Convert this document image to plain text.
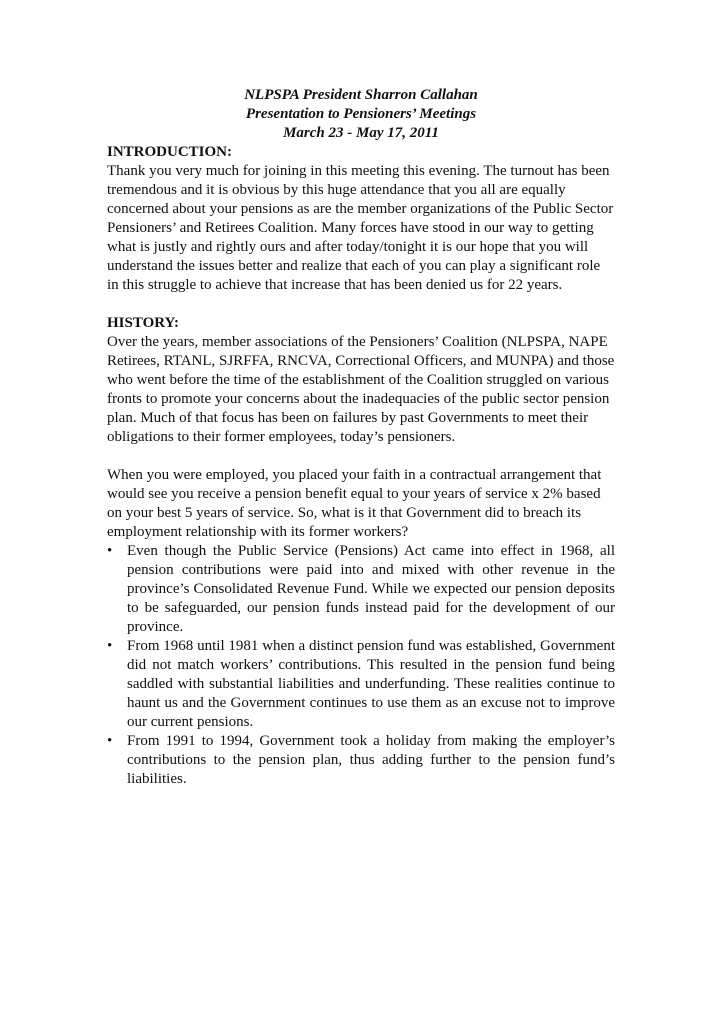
NLPSPA President Sharron Callahan
Presentation to Pensioners’ Meetings
March 23 - May 17, 2011
INTRODUCTION:

Thank you very much for joining in this meeting this evening. The turnout has been tremendous and it is obvious by this huge attendance that you all are equally concerned about your pensions as are the member organizations of the Public Sector Pensioners’ and Retirees Coalition. Many forces have stood in our way to getting what is justly and rightly ours and after today/tonight it is our hope that you will understand the issues better and realize that each of you can play a significant role in this struggle to achieve that increase that has been denied us for 22 years.

HISTORY:

Over the years, member associations of the Pensioners’ Coalition (NLPSPA, NAPE Retirees, RTANL, SJRFFA, RNCVA, Correctional Officers, and MUNPA) and those who went before the time of the establishment of the Coalition struggled on various fronts to promote your concerns about the inadequacies of the public sector pension plan. Much of that focus has been on failures by past Governments to meet their obligations to their former employees, today’s pensioners.

When you were employed, you placed your faith in a contractual arrangement that would see you receive a pension benefit equal to your years of service x 2% based on your best 5 years of service. So, what is it that Government did to breach its employment relationship with its former workers?

• Even though the Public Service (Pensions) Act came into effect in 1968, all pension contributions were paid into and mixed with other revenue in the province’s Consolidated Revenue Fund. While we expected our pension deposits to be safeguarded, our pension funds instead paid for the development of our province.
• From 1968 until 1981 when a distinct pension fund was established, Government did not match workers’ contributions. This resulted in the pension fund being saddled with substantial liabilities and underfunding. These realities continue to haunt us and the Government continues to use them as an excuse not to improve our current pensions.
• From 1991 to 1994, Government took a holiday from making the employer’s contributions to the pension plan, thus adding further to the pension fund’s liabilities.
